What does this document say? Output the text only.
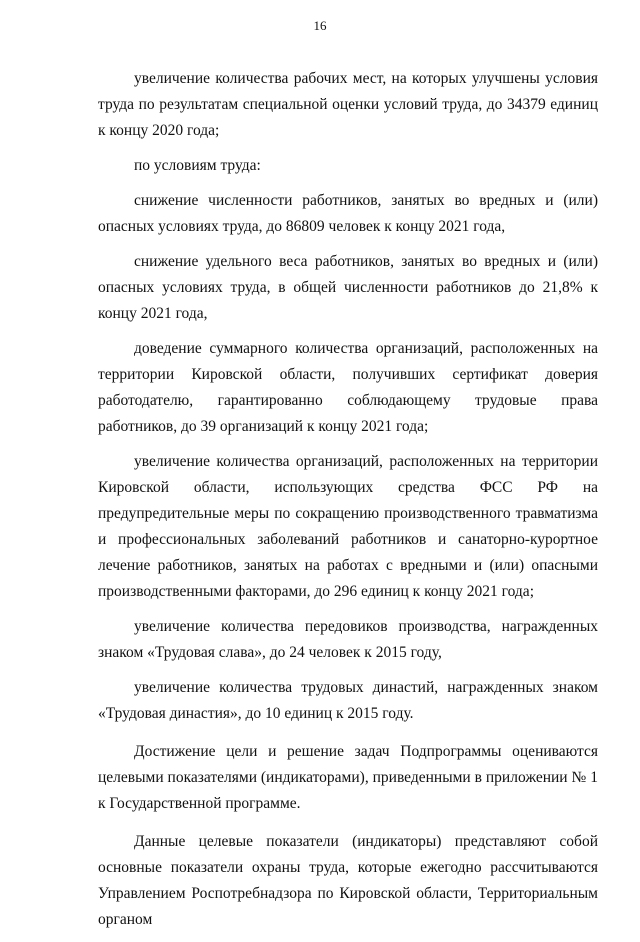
16

увеличение количества рабочих мест, на которых улучшены условия труда по результатам специальной оценки условий труда, до 34379 единиц к концу 2020 года;

по условиям труда:

снижение численности работников, занятых во вредных и (или) опасных условиях труда, до 86809 человек к концу 2021 года,

снижение удельного веса работников, занятых во вредных и (или) опасных условиях труда, в общей численности работников до 21,8% к концу 2021 года,

доведение суммарного количества организаций, расположенных на территории Кировской области, получивших сертификат доверия работодателю, гарантированно соблюдающему трудовые права работников, до 39 организаций к концу 2021 года;

увеличение количества организаций, расположенных на территории Кировской области, использующих средства ФСС РФ на предупредительные меры по сокращению производственного травматизма и профессиональных заболеваний работников и санаторно-курортное лечение работников, занятых на работах с вредными и (или) опасными производственными факторами, до 296 единиц к концу 2021 года;

увеличение количества передовиков производства, награжденных знаком «Трудовая слава», до 24 человек к 2015 году,

увеличение количества трудовых династий, награжденных знаком «Трудовая династия», до 10 единиц к 2015 году.

Достижение цели и решение задач Подпрограммы оцениваются целевыми показателями (индикаторами), приведенными в приложении № 1 к Государственной программе.

Данные целевые показатели (индикаторы) представляют собой основные показатели охраны труда, которые ежегодно рассчитываются Управлением Роспотребнадзора по Кировской области, Территориальным органом
